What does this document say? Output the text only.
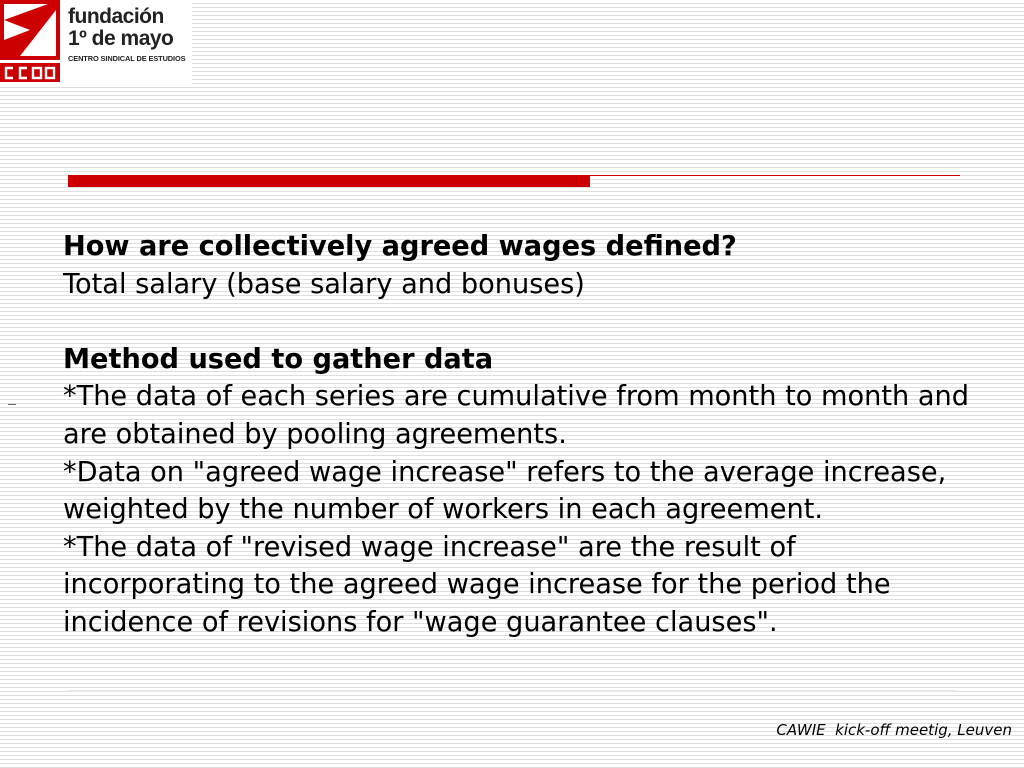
fundación
1º de mayo
CENTRO SINDICAL DE ESTUDIOS

How are collectively agreed wages defined?

Total salary (base salary and bonuses)

Method used to gather data

*The data of each series are cumulative from month to month and are obtained by pooling agreements.

*Data on "agreed wage increase" refers to the average increase, weighted by the number of workers in each agreement.

*The data of "revised wage increase" are the result of incorporating to the agreed wage increase for the period the incidence of revisions for "wage guarantee clauses".

CAWIE  kick-off meetig, Leuven
